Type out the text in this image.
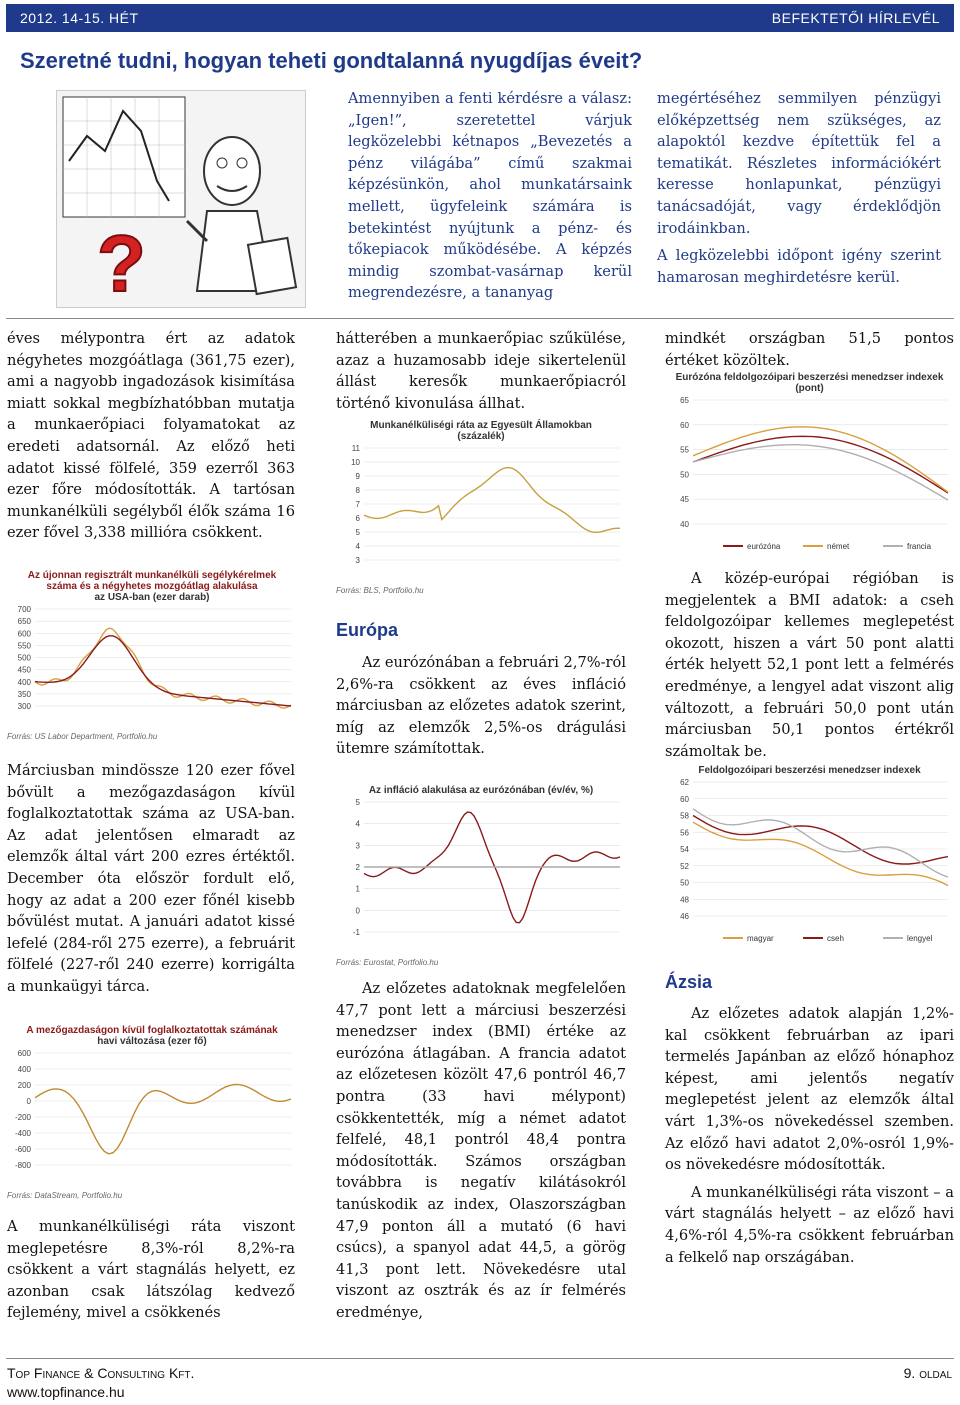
2012. 14-15. HÉT	BEFEKTETŐI HÍRLEVÉL
Szeretné tudni, hogyan teheti gondtalanná nyugdíjas éveit?
?
Amennyiben a fenti kérdésre a válasz: „Igen!”, szeretettel várjuk legközelebbi kétnapos „Bevezetés a pénz világába” című szakmai képzésünkön, ahol munkatársaink mellett, ügyfeleink számára is betekintést nyújtunk a pénz- és tőkepiacok működésébe. A képzés mindig szombat-vasárnap kerül megrendezésre, a tananyag

megértéséhez semmilyen pénzügyi előképzettség nem szükséges, az alapoktól kezdve építettük fel a tematikát. Részletes információkért keresse honlapunkat, pénzügyi tanácsadóját, vagy érdeklődjön irodáinkban.

A legközelebbi időpont igény szerint hamarosan meghirdetésre kerül.

éves mélypontra ért az adatok négyhetes mozgóátlaga (361,75 ezer), ami a nagyobb ingadozások kisimítása miatt sokkal megbízhatóbban mutatja a munkaerőpiaci folyamatokat az eredeti adatsornál. Az előző heti adatot kissé fölfelé, 359 ezerről 363 ezer főre módosították. A tartósan munkanélküli segélyből élők száma 16 ezer fővel 3,338 millióra csökkent.
Az újonnan regisztrált munkanélküli segélykérelmek
száma és a négyhetes mozgóátlag alakulása
az USA-ban (ezer darab)
700
650
600
550
500
450
400
350
300
Forrás: US Labor Department, Portfolio.hu
Márciusban mindössze 120 ezer fővel bővült a mezőgazdaságon kívül foglalkoztatottak száma az USA-ban. Az adat jelentősen elmaradt az elemzők által várt 200 ezres értéktől. December óta először fordult elő, hogy az adat a 200 ezer főnél kisebb bővülést mutat. A januári adatot kissé lefelé (284-ről 275 ezerre), a februárit fölfelé (227-ről 240 ezerre) korrigálta a munkaügyi tárca.
A mezőgazdaságon kívül foglalkoztatottak számának
havi változása (ezer fő)
600
400
200
0
-200
-400
-600
-800
Forrás: DataStream, Portfolio.hu
A munkanélküliségi ráta viszont meglepetésre 8,3%-ról 8,2%-ra csökkent a várt stagnálás helyett, ez azonban csak látszólag kedvező fejlemény, mivel a csökkenés
hátterében a munkaerőpiac szűkülése, azaz a huzamosabb ideje sikertelenül állást keresők munkaerőpiacról történő kivonulása állhat.
Munkanélküliségi ráta az Egyesült Államokban
(százalék)
11
10
9
8
7
6
5
4
3
Forrás: BLS, Portfolio.hu
Európa
Az eurózónában a februári 2,7%-ról 2,6%-ra csökkent az éves infláció márciusban az előzetes adatok szerint, míg az elemzők 2,5%-os drágulási ütemre számítottak.
Az infláció alakulása az eurózónában (év/év, %)
5
4
3
2
1
0
-1
Forrás: Eurostat, Portfolio.hu
Az előzetes adatoknak megfelelően 47,7 pont lett a márciusi beszerzési menedzser index (BMI) értéke az eurózóna átlagában. A francia adatot az előzetesen közölt 47,6 pontról 46,7 pontra (33 havi mélypont) csökkentették, míg a német adatot felfelé, 48,1 pontról 48,4 pontra módosították. Számos országban továbbra is negatív kilátásokról tanúskodik az index, Olaszországban 47,9 ponton áll a mutató (6 havi csúcs), a spanyol adat 44,5, a görög 41,3 pont lett. Növekedésre utal viszont az osztrák és az ír felmérés eredménye,
mindkét országban 51,5 pontos értéket közöltek.
Eurózóna feldolgozóipari beszerzési menedzser indexek
(pont)
65
60
55
50
45
40
eurózóna	német	francia
A közép-európai régióban is megjelentek a BMI adatok: a cseh feldolgozóipar kellemes meglepetést okozott, hiszen a várt 50 pont alatti érték helyett 52,1 pont lett a felmérés eredménye, a lengyel adat viszont alig változott, a februári 50,0 pont után márciusban 50,1 pontos értékről számoltak be.
Feldolgozóipari beszerzési menedzser indexek
62
60
58
56
54
52
50
48
46
magyar	cseh	lengyel
Ázsia

Az előzetes adatok alapján 1,2%-kal csökkent februárban az ipari termelés Japánban az előző hónaphoz képest, ami jelentős negatív meglepetést jelent az elemzők által várt 1,3%-os növekedéssel szemben. Az előző havi adatot 2,0%-osról 1,9%-os növekedésre módosították.

A munkanélküliségi ráta viszont – a várt stagnálás helyett – az előző havi 4,6%-ról 4,5%-ra csökkent februárban a felkelő nap országában.

Top Finance & Consulting Kft.
www.topfinance.hu
9. oldal
